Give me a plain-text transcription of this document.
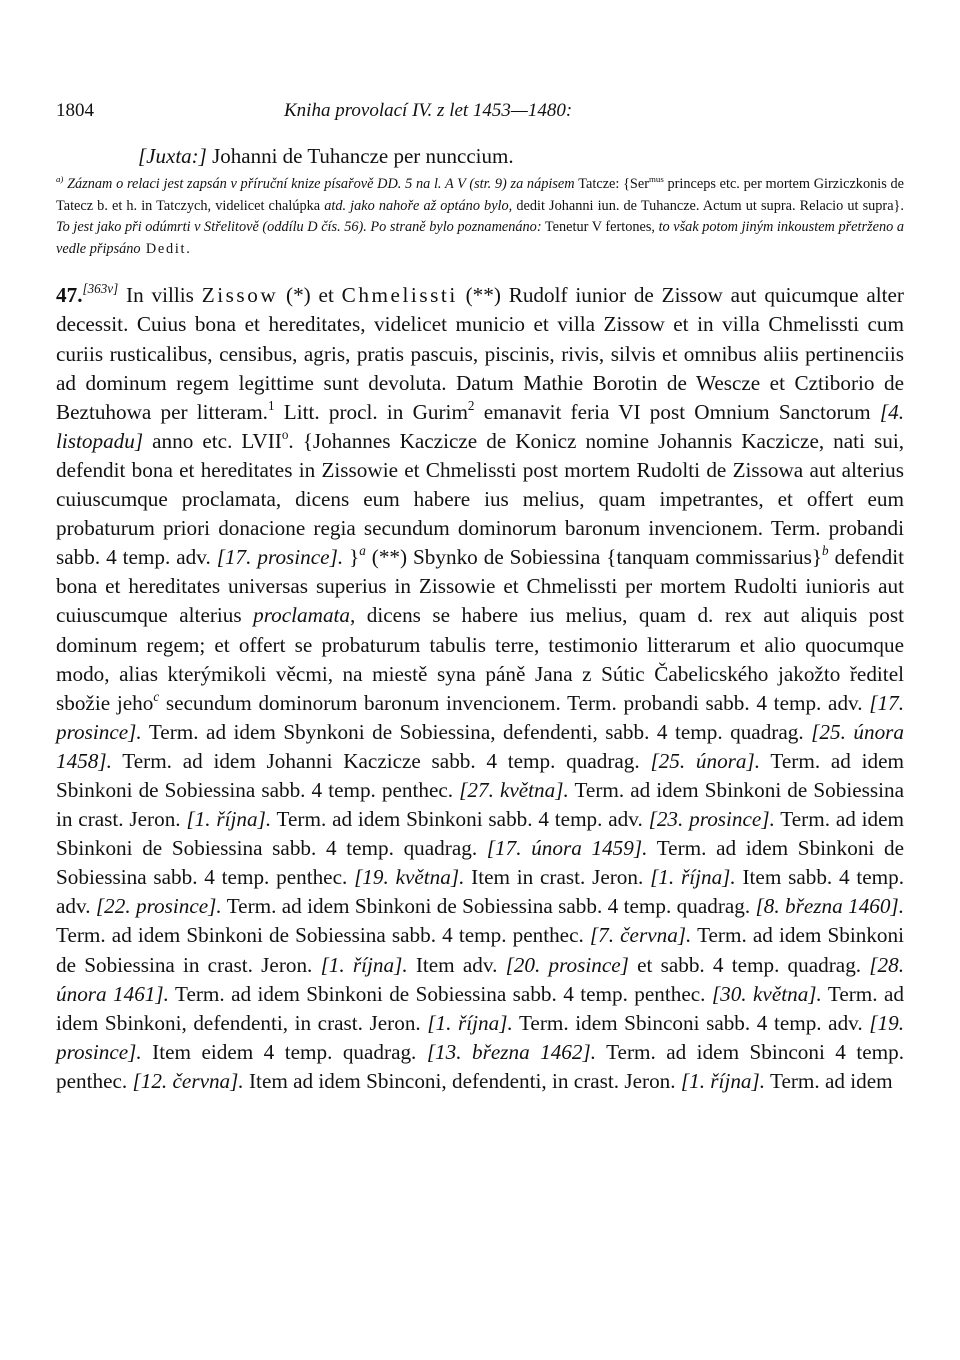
1804	Kniha provolací IV. z let 1453—1480:
[Juxta:] Johanni de Tuhancze per nunccium.
$^{a)}$ Záznam o relaci jest zapsán v příruční knize písařově DD. 5 na l. A V (str. 9) za nápisem Tatcze: {Ser$^{mus}$ princeps etc. per mortem Girziczkonis de Tatecz b. et h. in Tatczych, videlicet chalúpka atd. jako nahoře až optáno bylo, dedit Johanni iun. de Tuhancze. Actum ut supra. Relacio ut supra}. To jest jako při odúmrti v Střelitově (oddílu D čís. 56). Po straně bylo poznamenáno: Tenetur V fertones, to však potom jiným inkoustem přetrženo a vedle připsáno Dedit.
47.[363v] In villis Zissow (*) et Chmelissti (**) Rudolf iunior de Zissow aut quicumque alter decessit. Cuius bona et hereditates, videlicet municio et villa Zissow et in villa Chmelissti cum curiis rusticalibus, censibus, agris, pratis pascuis, piscinis, rivis, silvis et omnibus aliis pertinenciis ad dominum regem legittime sunt devoluta. Datum Mathie Borotin de Wescze et Cztiborio de Beztuhowa per litteram.$^1$ Litt. procl. in Gurim$^2$ emanavit feria VI post Omnium Sanctorum [4. listopadu] anno etc. LVII$^o$. {Johannes Kaczicze de Konicz nomine Johannis Kaczicze, nati sui, defendit bona et hereditates in Zissowie et Chmelissti post mortem Rudolti de Zissowa aut alterius cuiuscumque proclamata, dicens eum habere ius melius, quam impetrantes, et offert eum probaturum priori donacione regia secundum dominorum baronum invencionem. Term. probandi sabb. 4 temp. adv. [17. prosince]. }$^a$ (**) Sbynko de Sobiessina {tanquam commissarius}$^b$ defendit bona et hereditates universas superius in Zissowie et Chmelissti per mortem Rudolti iunioris aut cuiuscumque alterius proclamata, dicens se habere ius melius, quam d. rex aut aliquis post dominum regem; et offert se probaturum tabulis terre, testimonio litterarum et alio quocumque modo, alias kterýmikoli věcmi, na miestě syna páně Jana z Sútic Čabelicského jakožto ředitel sbožie jeho$^c$ secundum dominorum baronum invencionem. Term. probandi sabb. 4 temp. adv. [17. prosince]. Term. ad idem Sbynkoni de Sobiessina, defendenti, sabb. 4 temp. quadrag. [25. února 1458]. Term. ad idem Johanni Kaczicze sabb. 4 temp. quadrag. [25. února]. Term. ad idem Sbinkoni de Sobiessina sabb. 4 temp. penthec. [27. května]. Term. ad idem Sbinkoni de Sobiessina in crast. Jeron. [1. října]. Term. ad idem Sbinkoni sabb. 4 temp. adv. [23. prosince]. Term. ad idem Sbinkoni de Sobiessina sabb. 4 temp. quadrag. [17. února 1459]. Term. ad idem Sbinkoni de Sobiessina sabb. 4 temp. penthec. [19. května]. Item in crast. Jeron. [1. října]. Item sabb. 4 temp. adv. [22. prosince]. Term. ad idem Sbinkoni de Sobiessina sabb. 4 temp. quadrag. [8. března 1460]. Term. ad idem Sbinkoni de Sobiessina sabb. 4 temp. penthec. [7. června]. Term. ad idem Sbinkoni de Sobiessina in crast. Jeron. [1. října]. Item adv. [20. prosince] et sabb. 4 temp. quadrag. [28. února 1461]. Term. ad idem Sbinkoni de Sobiessina sabb. 4 temp. penthec. [30. května]. Term. ad idem Sbinkoni, defendenti, in crast. Jeron. [1. října]. Term. idem Sbinconi sabb. 4 temp. adv. [19. prosince]. Item eidem 4 temp. quadrag. [13. března 1462]. Term. ad idem Sbinconi 4 temp. penthec. [12. června]. Item ad idem Sbinconi, defendenti, in crast. Jeron. [1. října]. Term. ad idem
